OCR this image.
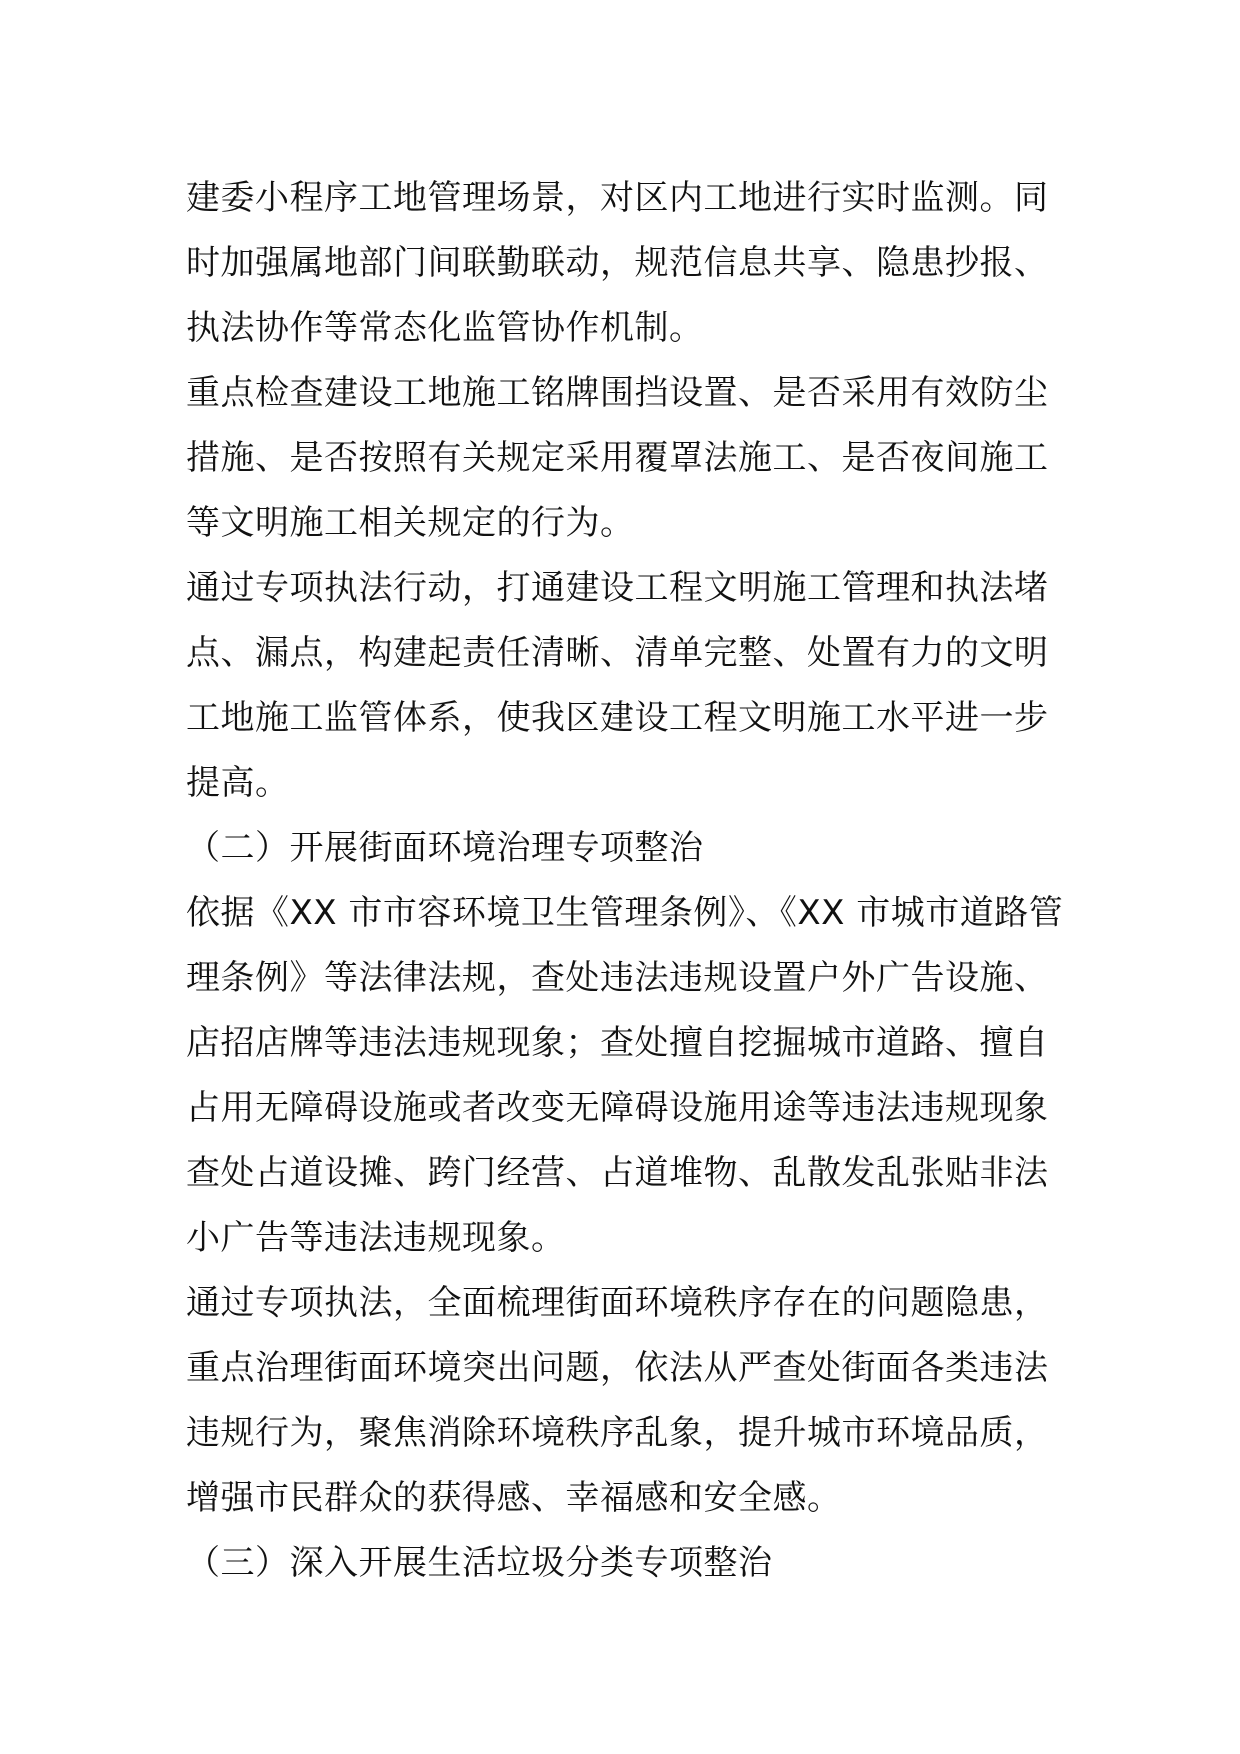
建委小程序工地管理场景，对区内工地进行实时监测。同
时加强属地部门间联勤联动，规范信息共享、隐患抄报、
执法协作等常态化监管协作机制。
重点检查建设工地施工铭牌围挡设置、是否采用有效防尘
措施、是否按照有关规定采用覆罩法施工、是否夜间施工
等文明施工相关规定的行为。
通过专项执法行动，打通建设工程文明施工管理和执法堵
点、漏点，构建起责任清晰、清单完整、处置有力的文明
工地施工监管体系，使我区建设工程文明施工水平进一步
提高。
（二）开展街面环境治理专项整治
依据《XX 市市容环境卫生管理条例》、《XX 市城市道路管
理条例》等法律法规，查处违法违规设置户外广告设施、
店招店牌等违法违规现象；查处擅自挖掘城市道路、擅自
占用无障碍设施或者改变无障碍设施用途等违法违规现象
查处占道设摊、跨门经营、占道堆物、乱散发乱张贴非法
小广告等违法违规现象。
通过专项执法，全面梳理街面环境秩序存在的问题隐患，
重点治理街面环境突出问题，依法从严查处街面各类违法
违规行为，聚焦消除环境秩序乱象，提升城市环境品质，
增强市民群众的获得感、幸福感和安全感。
（三）深入开展生活垃圾分类专项整治
